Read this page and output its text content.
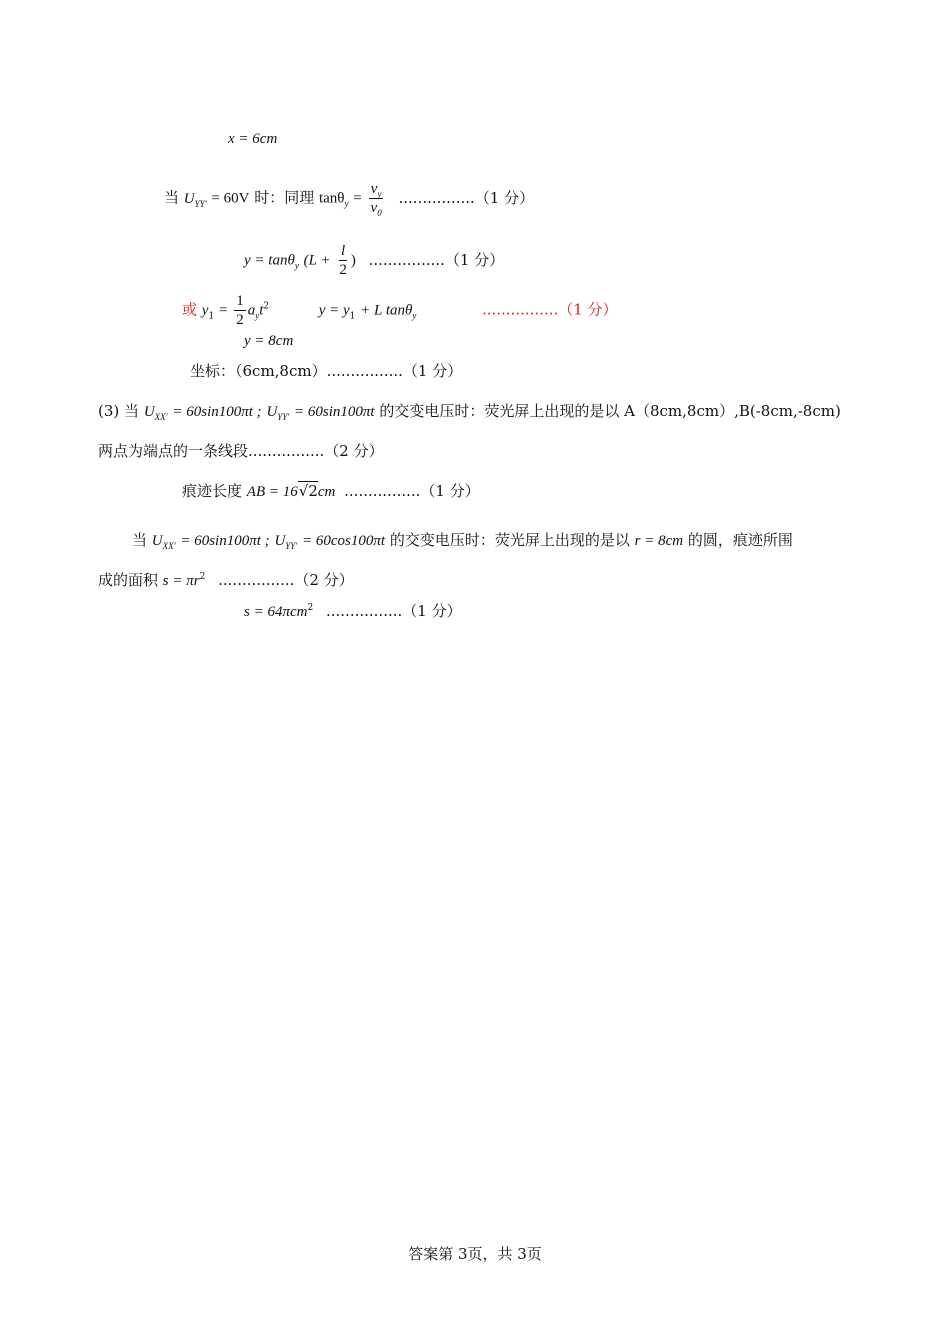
x = 6cm
当 $U_{YY'} = 60V$ 时：同理 $\tan\theta_y = \frac{v_y}{v_0} ................(1$ 分）
y = tanθ$_y$ ($L + \frac{l}{2}$ ) ................（1 分）
或 $y_1 = \frac{1}{2} a_yt^2$	$y = y_1 + L$ tanθ$_y$	................（1 分）
y = 8cm
坐标：（6cm,8cm）................（1 分）
(3) 当 $U_{XX'} = 60\sin 100\pi t$ ; $U_{YY'} = 60\sin 100\pi t$ 的交变电压时：荧光屏上出现的是以 A（8cm,8cm）,B(-8cm,-8cm)
两点为端点的一条线段................（2 分）
痕迹长度 AB = 16√2cm ................（1 分）
当 $U_{XX'} = 60\sin 100\pi t$ ; $U_{YY'} = 60\cos 100\pi t$ 的交变电压时：荧光屏上出现的是以 r = 8cm 的圆，痕迹所围
成的面积 $s = \pi r^2$ ................（2 分）
s = 64πcm$^2$ ................（1 分）
答案第 3页，共 3页
